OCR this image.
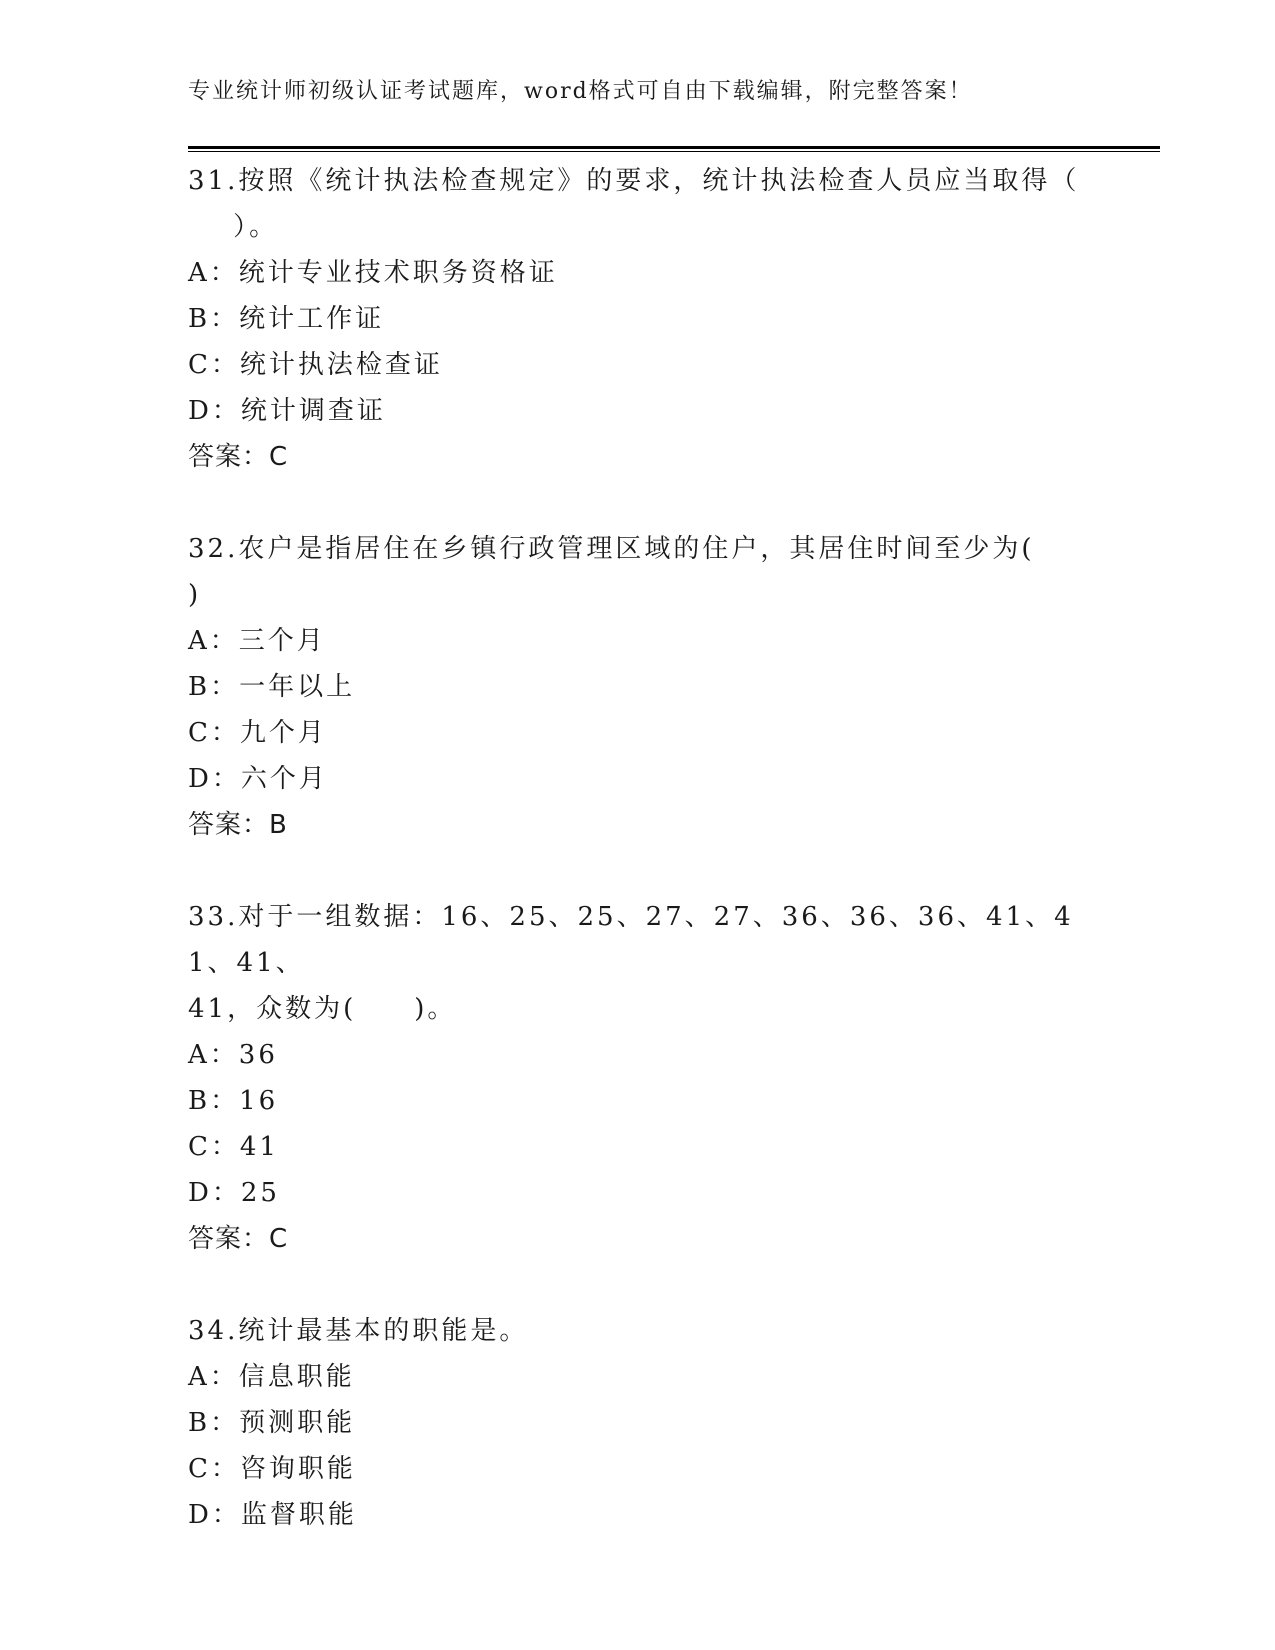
专业统计师初级认证考试题库，word格式可自由下载编辑，附完整答案！
31.按照《统计执法检查规定》的要求，统计执法检查人员应当取得（
）。
A：统计专业技术职务资格证
B：统计工作证
C：统计执法检查证
D：统计调查证
答案：C
32.农户是指居住在乡镇行政管理区域的住户，其居住时间至少为(
)
A：三个月
B：一年以上
C：九个月
D：六个月
答案：B
33.对于一组数据：16、25、25、27、27、36、36、36、41、41、41、
41，众数为(　　)。
A：36
B：16
C：41
D：25
答案：C
34.统计最基本的职能是。
A：信息职能
B：预测职能
C：咨询职能
D：监督职能
